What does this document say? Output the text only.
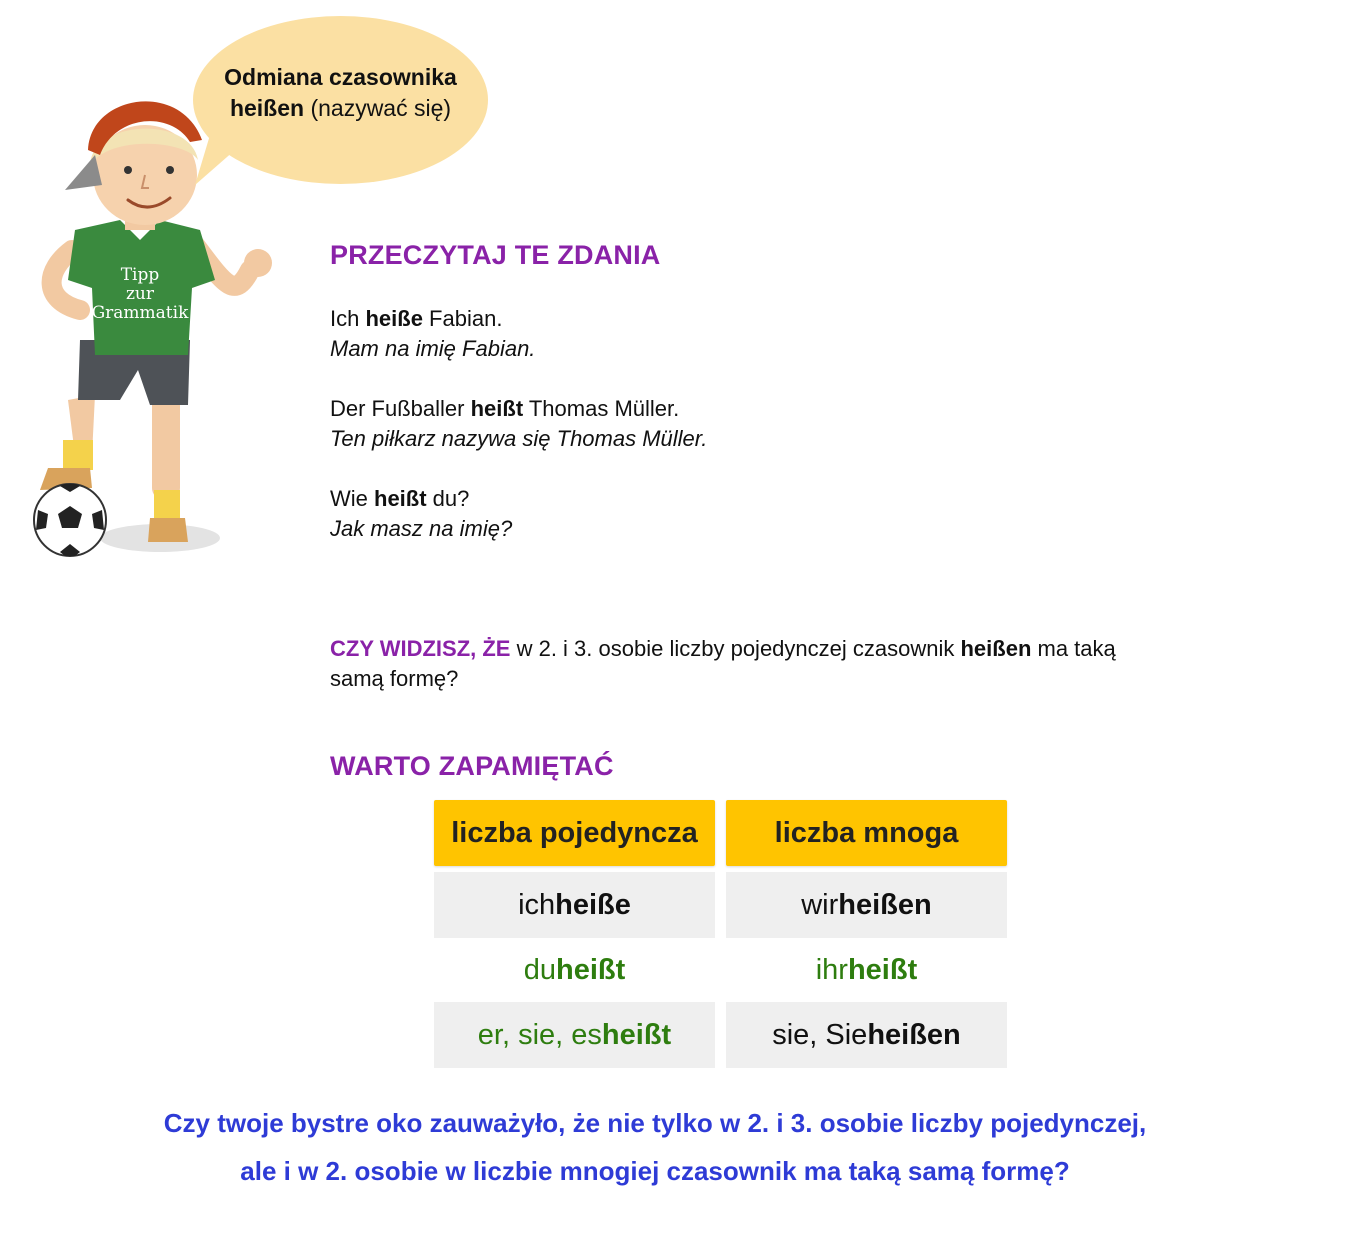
Tipp
zur
Grammatik
Odmiana czasownika
heißen (nazywać się)
PRZECZYTAJ TE ZDANIA
Ich heiße Fabian.
Mam na imię Fabian.
Der Fußballer heißt Thomas Müller.
Ten piłkarz nazywa się Thomas Müller.
Wie heißt du?
Jak masz na imię?
CZY WIDZISZ, ŻE w 2. i 3. osobie liczby pojedynczej czasownik heißen ma taką
samą formę?
WARTO ZAPAMIĘTAĆ
liczba pojedyncza	liczba mnoga
ich heiße	wir heißen
du heißt	ihr heißt
er, sie, es heißt	sie, Sie heißen
Czy twoje bystre oko zauważyło, że nie tylko w 2. i 3. osobie liczby pojedynczej,
ale i w 2. osobie w liczbie mnogiej czasownik ma taką samą formę?
